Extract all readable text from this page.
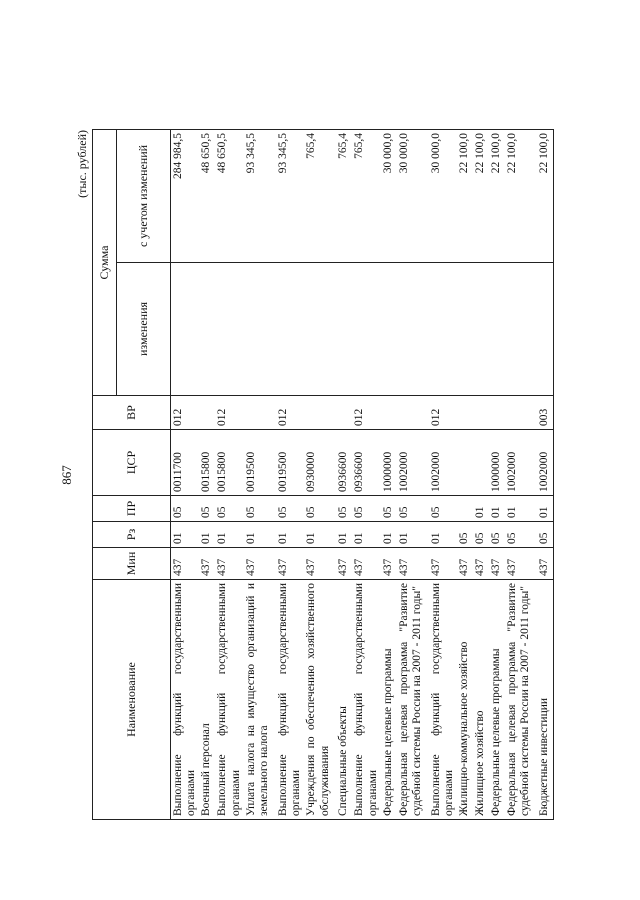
867
(тыс. рублей)
Наименование	Мин	Рз	ПР	ЦСР	ВР	Сумма	
						изменения	с учетом изменений
Выполнение функций государственными органами	437	01	05	0011700	012		284 984,5
Военный персонал	437	01	05	0015800			48 650,5
Выполнение функций государственными органами	437	01	05	0015800	012		48 650,5
Уплата налога на имущество организаций и земельного налога	437	01	05	0019500			93 345,5
Выполнение функций государственными органами	437	01	05	0019500	012		93 345,5
Учреждения по обеспечению хозяйственного обслуживания	437	01	05	0930000			765,4
Специальные объекты	437	01	05	0936600			765,4
Выполнение функций государственными органами	437	01	05	0936600	012		765,4
Федеральные целевые программы	437	01	05	1000000			30 000,0
Федеральная целевая программа "Развитие судебной системы России на 2007 - 2011 годы"	437	01	05	1002000			30 000,0
Выполнение функций государственными органами	437	01	05	1002000	012		30 000,0
Жилищно-коммунальное хозяйство	437	05					22 100,0
Жилищное хозяйство	437	05	01				22 100,0
Федеральные целевые программы	437	05	01	1000000			22 100,0
Федеральная целевая программа "Развитие судебной системы России на 2007 - 2011 годы"	437	05	01	1002000			22 100,0
Бюджетные инвестиции	437	05	01	1002000	003		22 100,0
